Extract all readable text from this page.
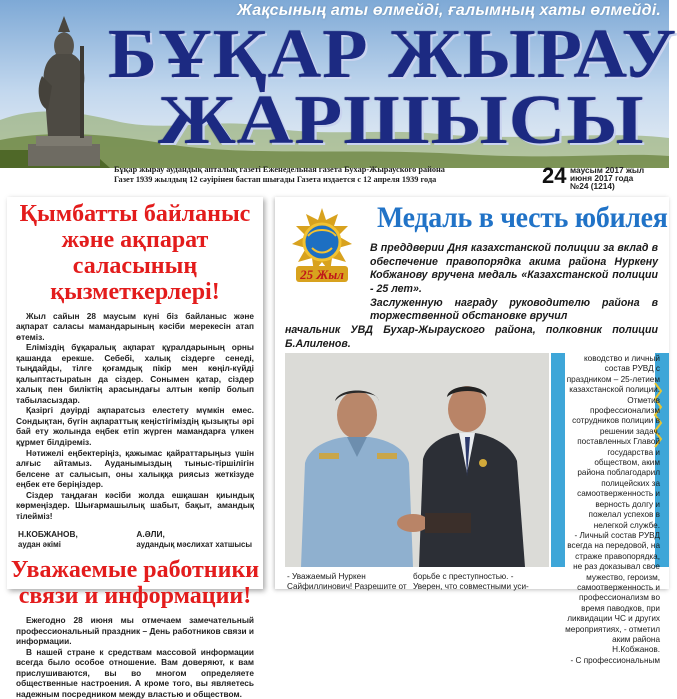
Жақсының аты өлмейді, ғалымның хаты өлмейді.
БҰҚАР ЖЫРАУ
ЖАРШЫСЫ
Бұқар жырау аудандық апталық газеті Еженедельная газета Бухар-Жырауского района
Газет 1939 жылдың 12 сәуірінен бастап шығады Газета издается с 12 апреля 1939 года	24 маусым 2017 жыл
июня 2017 года
№24 (1214)
Қымбатты байланыс және ақпарат саласының қызметкерлері!

Жыл сайын 28 маусым күні біз байланыс және ақпарат саласы мамандарының кәсіби мерекесін атап өтеміз.

Еліміздің бұқаралық ақпарат құралдарының орны қашанда ерекше. Себебі, халық сіздерге сенеді, тыңдайды, тілге қоғамдық пікір мен көңіл-күйді қалыптастырatын да сіздер. Сонымен қатар, сіздер халық пен билiктiң арасындағы алтын көпір болып табыласыздар.

Қазіргі дәуірді ақпаратсыз елестету мүмкін емес. Сондықтан, бүгін ақпараттық кеңістігіміздің қызықты әрі бай ету жолында еңбек етіп жүрген мамандарға үлкен құрмет білдіреміз.

Нәтижелі еңбектеріңіз, қажымас қайраттарыңыз үшін алғыс айтамыз. Ауданымыздың тыныс-тіршілігін белсене ат салысып, оны халыққа риясыз жеткізуде еңбек ете беріңіздер.

Сіздер таңдаған кәсіби жолда ешқашан қиындық көрмеңіздер. Шығармашылық шабыт, бақыт, амандық тілеймiз!

Н.КОБЖАНОВ,
аудан әкімі
А.ӘЛИ,
аудандық мәслихат хатшысы
Уважаемые работники связи и информации!

Ежегодно 28 июня мы отмечаем замечательный профессиональный праздник – День работников связи и информации.

В нашей стране к средствам массовой информации всегда было особое отношение. Вам доверяют, к вам прислушиваются, вы во многом определяете общественные настроения. А кроме того, вы являетесь надежным посредником между властью и обществом.

25 Жыл
Медаль в честь юбилея

В преддверии Дня казахстанской полиции за вклад в обеспечение правопорядка акима района Нуркену Кобжанову вручена медаль «Казахстанской полиции - 25 лет».

Заслуженную награду руководителю района в торжественной обстановке вручил

начальник УВД Бухар-Жырауского района, полковник полиции Б.Алиленов.

ководство и личный состав РУВД с праздником – 25-летием казахстанской полиции. Отметив профессионализм сотрудников полиции в решении задач, поставленных Главой государства и обществом, аким района поблагодарил полицейских за самоотверженность и верность долгу и пожелал успехов в нелегкой службе.

- Личный состав РУВД всегда на передовой, на страже правопорядка, не раз доказывал свое мужество, героизм, самоотверженность и профессионализм во время паводков, при ликвидации ЧС и других мероприятиях, - отметил аким района Н.Кобжанов.

- С профессиональным

- Уважаемый Нуркен Сайфиллинович! Разрешите от
борьбе с преступностью. - Уверен, что совместными уси-
